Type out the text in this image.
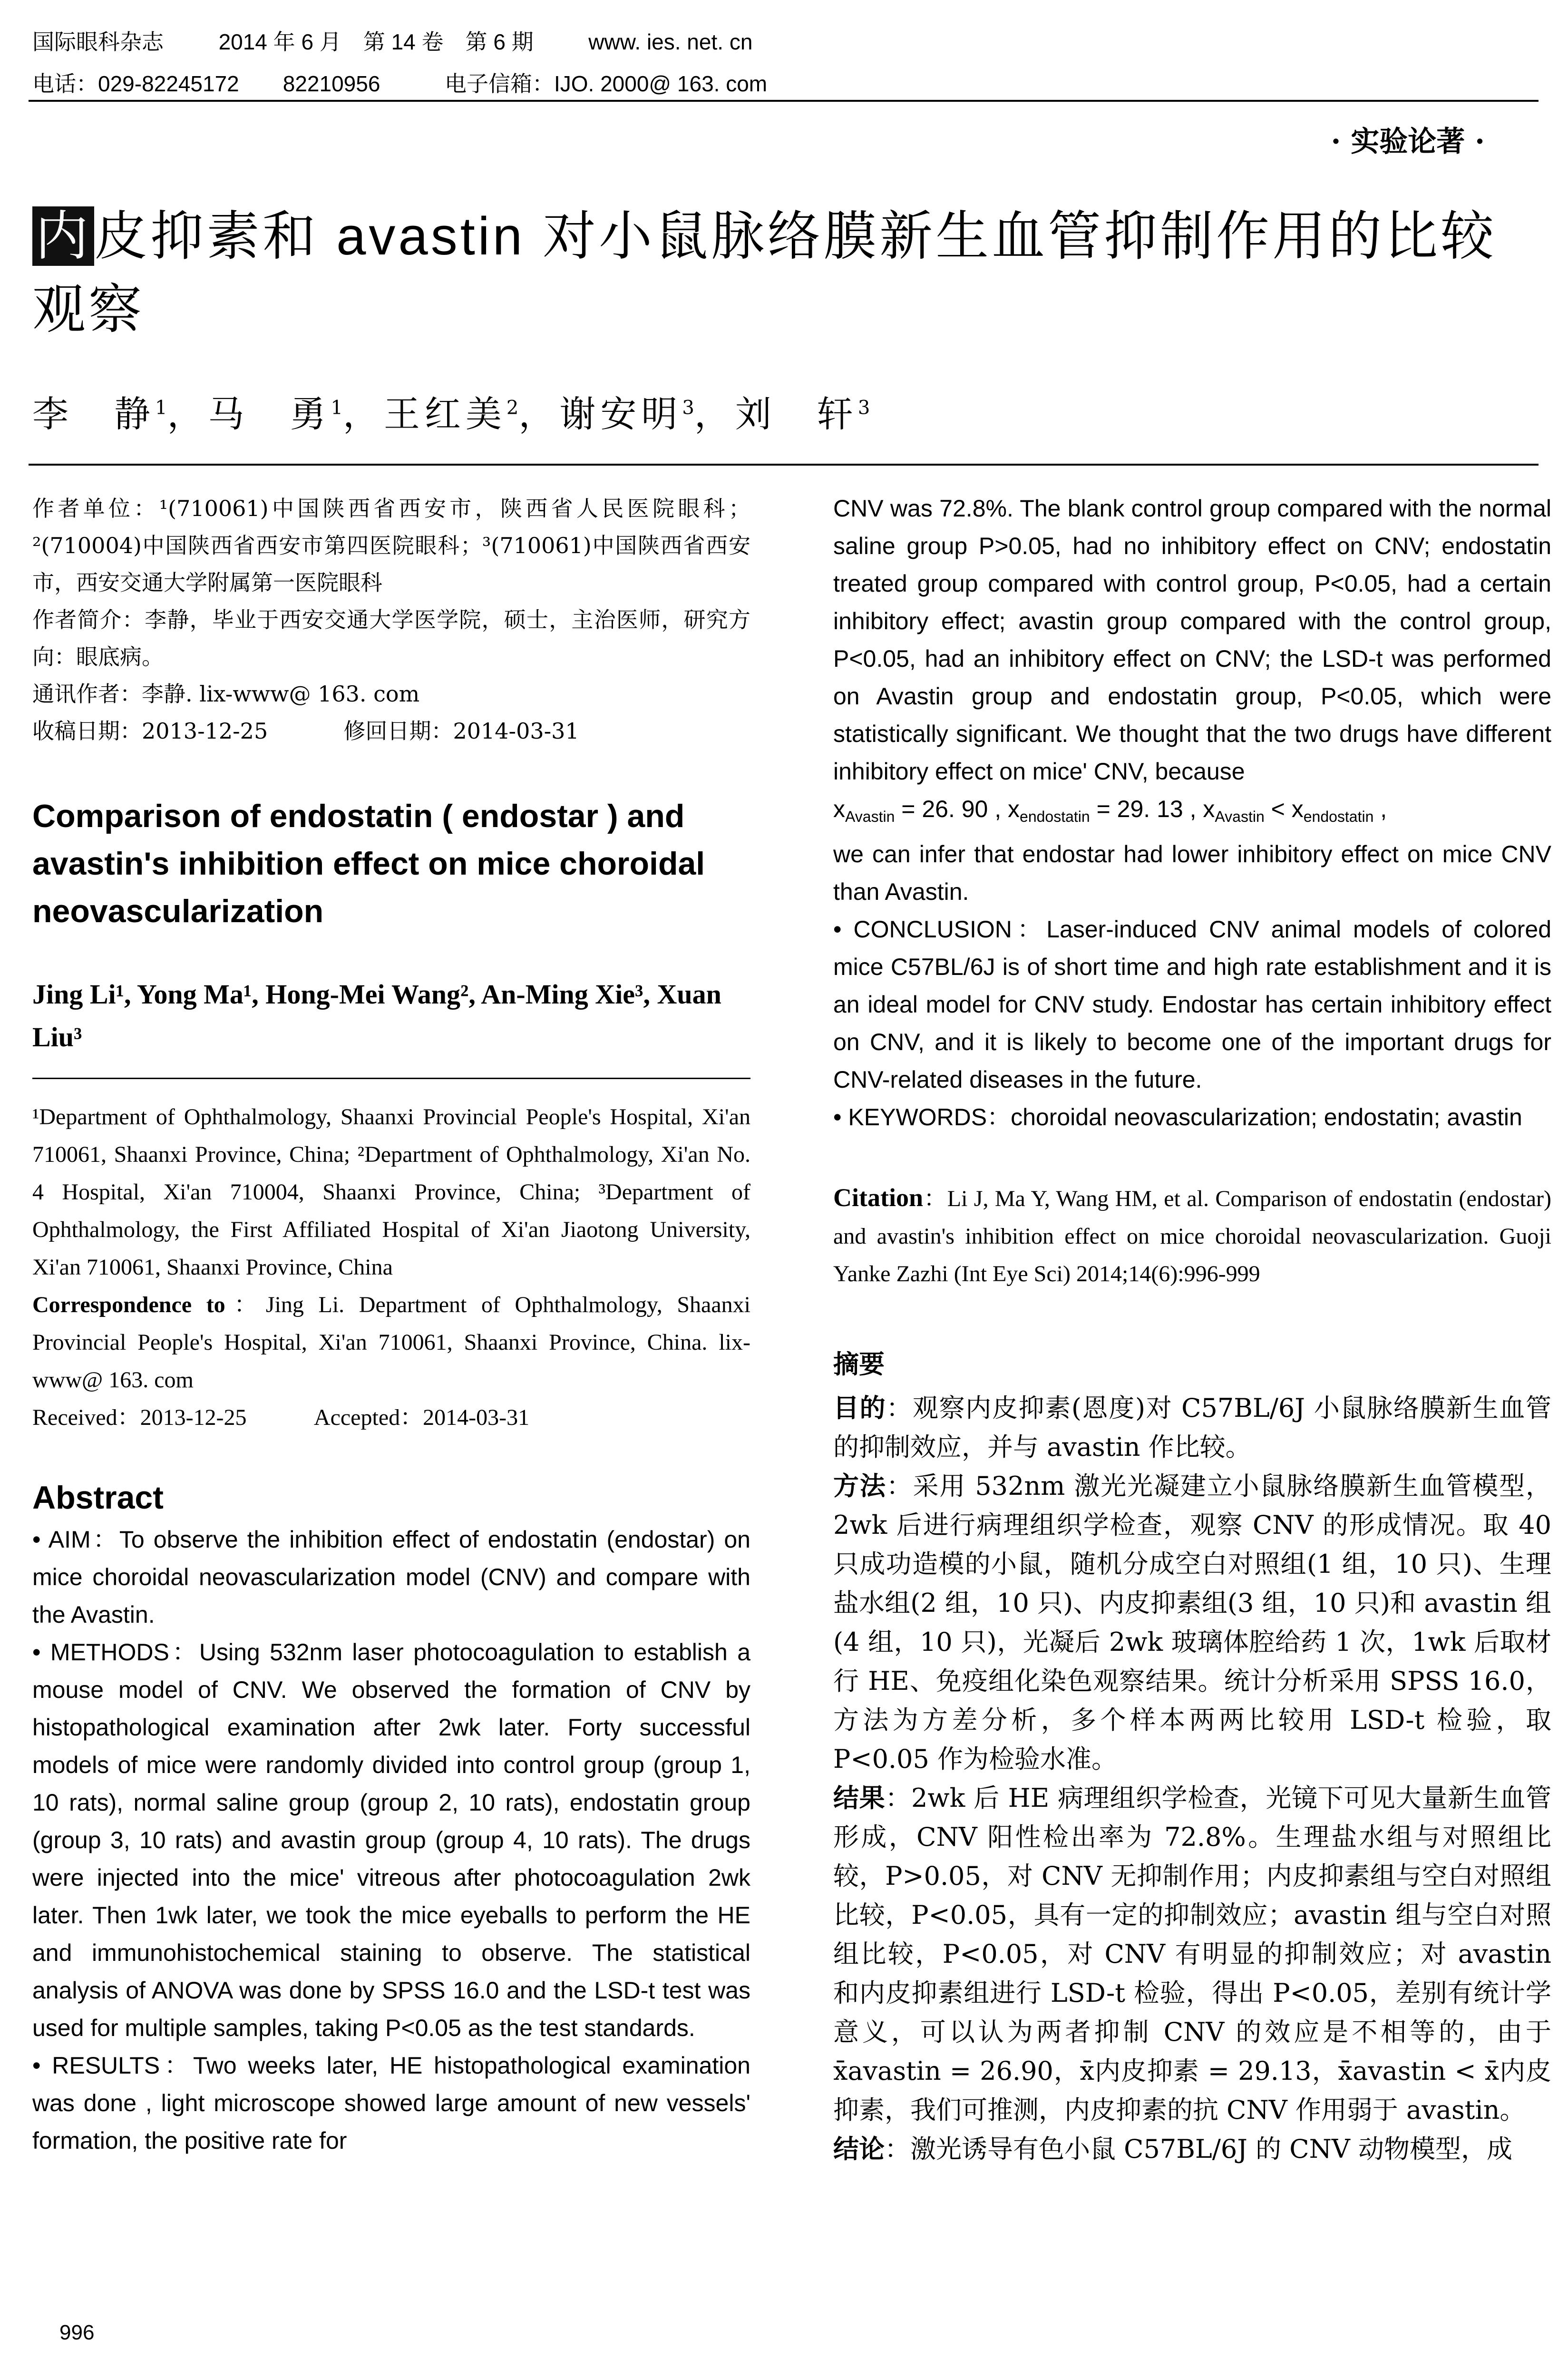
国际眼科杂志	2014 年 6 月　第 14 卷　第 6 期	www. ies. net. cn
电话：029-82245172　　82210956	电子信箱：IJO. 2000@ 163. com
· 实验论著 ·
内皮抑素和 avastin 对小鼠脉络膜新生血管抑制作用的比较观察
李　静$^1$，马　勇$^1$，王红美$^2$，谢安明$^3$，刘　轩$^3$

作者单位：¹(710061)中国陕西省西安市，陕西省人民医院眼科；²(710004)中国陕西省西安市第四医院眼科；³(710061)中国陕西省西安市，西安交通大学附属第一医院眼科

作者简介：李静，毕业于西安交通大学医学院，硕士，主治医师，研究方向：眼底病。

通讯作者：李静. lix-www@ 163. com

收稿日期：2013-12-25	修回日期：2014-03-31

Comparison of endostatin ( endostar ) and avastin's inhibition effect on mice choroidal neovascularization

Jing Li¹, Yong Ma¹, Hong-Mei Wang², An-Ming Xie³, Xuan Liu³

¹Department of Ophthalmology, Shaanxi Provincial People's Hospital, Xi'an 710061, Shaanxi Province, China; ²Department of Ophthalmology, Xi'an No. 4 Hospital, Xi'an 710004, Shaanxi Province, China; ³Department of Ophthalmology, the First Affiliated Hospital of Xi'an Jiaotong University, Xi'an 710061, Shaanxi Province, China

Correspondence to：Jing Li. Department of Ophthalmology, Shaanxi Provincial People's Hospital, Xi'an 710061, Shaanxi Province, China. lix-www@ 163. com

Received：2013-12-25	Accepted：2014-03-31

Abstract

• AIM：To observe the inhibition effect of endostatin (endostar) on mice choroidal neovascularization model (CNV) and compare with the Avastin.

• METHODS：Using 532nm laser photocoagulation to establish a mouse model of CNV. We observed the formation of CNV by histopathological examination after 2wk later. Forty successful models of mice were randomly divided into control group (group 1, 10 rats), normal saline group (group 2, 10 rats), endostatin group (group 3, 10 rats) and avastin group (group 4, 10 rats). The drugs were injected into the mice' vitreous after photocoagulation 2wk later. Then 1wk later, we took the mice eyeballs to perform the HE and immunohistochemical staining to observe. The statistical analysis of ANOVA was done by SPSS 16.0 and the LSD-t test was used for multiple samples, taking P<0.05 as the test standards.

• RESULTS：Two weeks later, HE histopathological examination was done , light microscope showed large amount of new vessels' formation, the positive rate for

996

CNV was 72.8%. The blank control group compared with the normal saline group P>0.05, had no inhibitory effect on CNV; endostatin treated group compared with control group, P<0.05, had a certain inhibitory effect; avastin group compared with the control group, P<0.05, had an inhibitory effect on CNV; the LSD-t was performed on Avastin group and endostatin group, P<0.05, which were statistically significant. We thought that the two drugs have different inhibitory effect on mice' CNV, because

$x_{Avastin} = 26$. 90 , $x_{endostatin} = 29$. 13 , $x_{Avastin} < x_{endostatin}$ ,

we can infer that endostar had lower inhibitory effect on mice CNV than Avastin.

• CONCLUSION：Laser-induced CNV animal models of colored mice C57BL/6J is of short time and high rate establishment and it is an ideal model for CNV study. Endostar has certain inhibitory effect on CNV, and it is likely to become one of the important drugs for CNV-related diseases in the future.

• KEYWORDS：choroidal neovascularization; endostatin; avastin

Citation：Li J, Ma Y, Wang HM, et al. Comparison of endostatin (endostar) and avastin's inhibition effect on mice choroidal neovascularization. Guoji Yanke Zazhi (Int Eye Sci) 2014;14(6):996-999

摘要

目的：观察内皮抑素(恩度)对 C57BL/6J 小鼠脉络膜新生血管的抑制效应，并与 avastin 作比较。

方法：采用 532nm 激光光凝建立小鼠脉络膜新生血管模型，2wk 后进行病理组织学检查，观察 CNV 的形成情况。取 40 只成功造模的小鼠，随机分成空白对照组(1 组，10 只)、生理盐水组(2 组，10 只)、内皮抑素组(3 组，10 只)和 avastin 组(4 组，10 只)，光凝后 2wk 玻璃体腔给药 1 次，1wk 后取材行 HE、免疫组化染色观察结果。统计分析采用 SPSS 16.0，方法为方差分析，多个样本两两比较用 LSD-t 检验，取 P<0.05 作为检验水准。

结果：2wk 后 HE 病理组织学检查，光镜下可见大量新生血管形成，CNV 阳性检出率为 72.8%。生理盐水组与对照组比较，P>0.05，对 CNV 无抑制作用；内皮抑素组与空白对照组比较，P<0.05，具有一定的抑制效应；avastin 组与空白对照组比较，P<0.05，对 CNV 有明显的抑制效应；对 avastin 和内皮抑素组进行 LSD-t 检验，得出 P<0.05，差别有统计学意义，可以认为两者抑制 CNV 的效应是不相等的，由于 x̄avastin = 26.90，x̄内皮抑素 = 29.13，x̄avastin < x̄内皮抑素，我们可推测，内皮抑素的抗 CNV 作用弱于 avastin。

结论：激光诱导有色小鼠 C57BL/6J 的 CNV 动物模型，成
